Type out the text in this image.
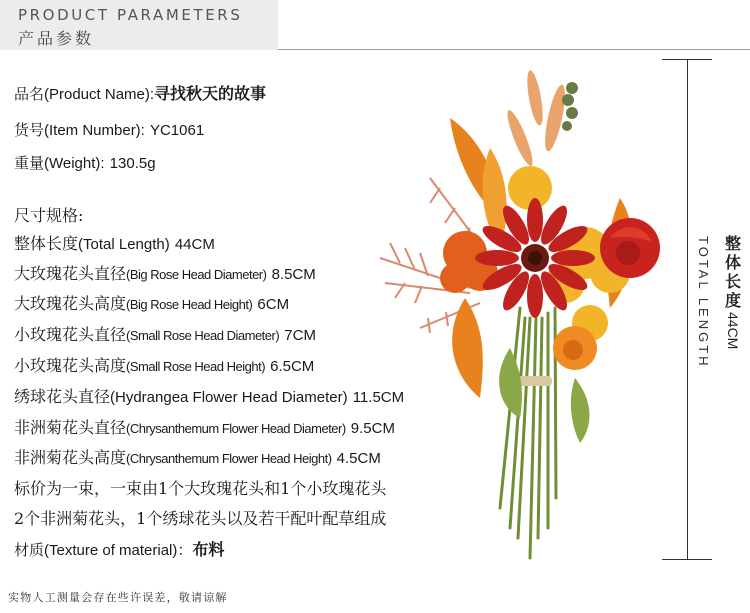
PRODUCT PARAMETERS
产品参数
品名(Product Name):寻找秋天的故事
货号(Item Number): YC1061
重量(Weight): 130.5g
尺寸规格:
整体长度(Total Length) 44CM
大玫瑰花头直径(Big Rose Head Diameter) 8.5CM
大玫瑰花头高度(Big Rose Head Height) 6CM
小玫瑰花头直径(Small Rose Head Diameter) 7CM
小玫瑰花头高度(Small Rose Head Height) 6.5CM
绣球花头直径(Hydrangea Flower Head Diameter) 11.5CM
非洲菊花头直径(Chrysanthemum Flower Head Diameter) 9.5CM
非洲菊花头高度(Chrysanthemum Flower Head Height) 4.5CM
标价为一束，一束由1个大玫瑰花头和1个小玫瑰花头
2个非洲菊花头，1个绣球花头以及若干配叶配草组成
材质(Texture of material)：布料
实物人工测量会存在些许误差，敬请谅解
TOTAL LENGTH 整
体
长
度
44CM
